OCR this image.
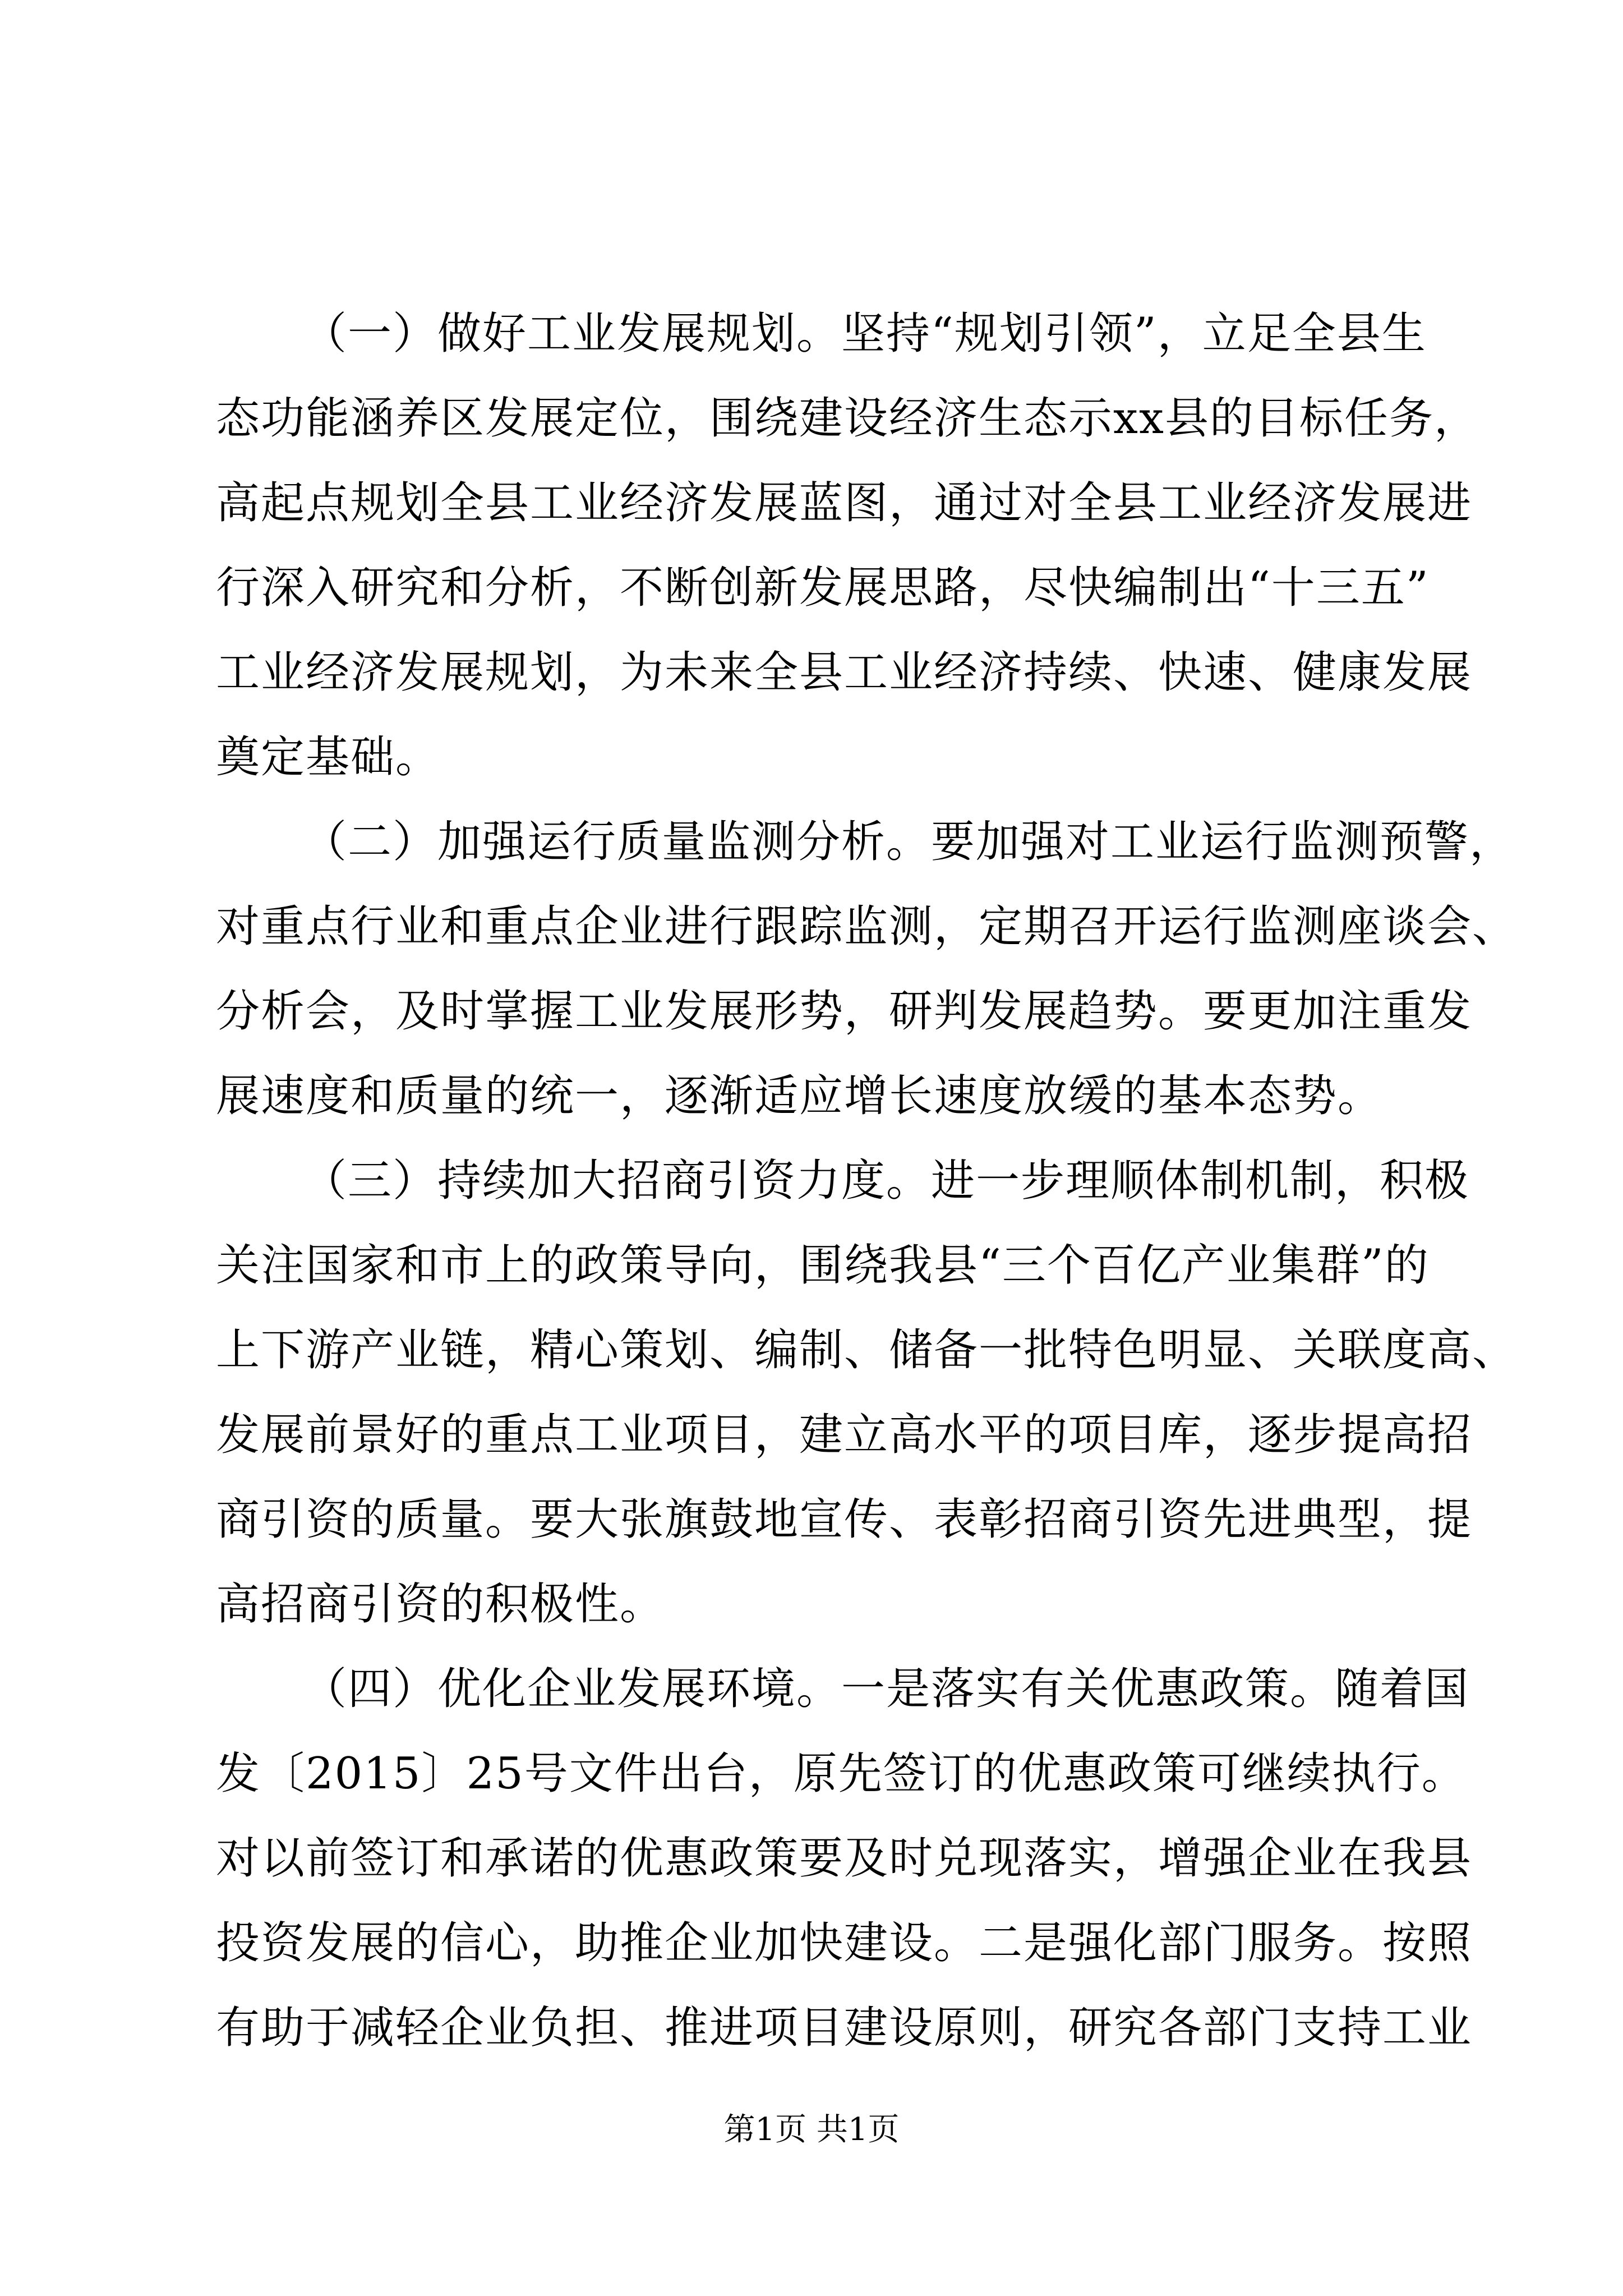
（一）做好工业发展规划。坚持“规划引领”，立足全县生
态功能涵养区发展定位，围绕建设经济生态示xx县的目标任务，
高起点规划全县工业经济发展蓝图，通过对全县工业经济发展进
行深入研究和分析，不断创新发展思路，尽快编制出“十三五”
工业经济发展规划，为未来全县工业经济持续、快速、健康发展
奠定基础。
（二）加强运行质量监测分析。要加强对工业运行监测预警，
对重点行业和重点企业进行跟踪监测，定期召开运行监测座谈会、
分析会，及时掌握工业发展形势，研判发展趋势。要更加注重发
展速度和质量的统一，逐渐适应增长速度放缓的基本态势。
（三）持续加大招商引资力度。进一步理顺体制机制，积极
关注国家和市上的政策导向，围绕我县“三个百亿产业集群”的
上下游产业链，精心策划、编制、储备一批特色明显、关联度高、
发展前景好的重点工业项目，建立高水平的项目库，逐步提高招
商引资的质量。要大张旗鼓地宣传、表彰招商引资先进典型，提
高招商引资的积极性。
（四）优化企业发展环境。一是落实有关优惠政策。随着国
发〔2015〕25号文件出台，原先签订的优惠政策可继续执行。
对以前签订和承诺的优惠政策要及时兑现落实，增强企业在我县
投资发展的信心，助推企业加快建设。二是强化部门服务。按照
有助于减轻企业负担、推进项目建设原则，研究各部门支持工业
第1页 共1页
